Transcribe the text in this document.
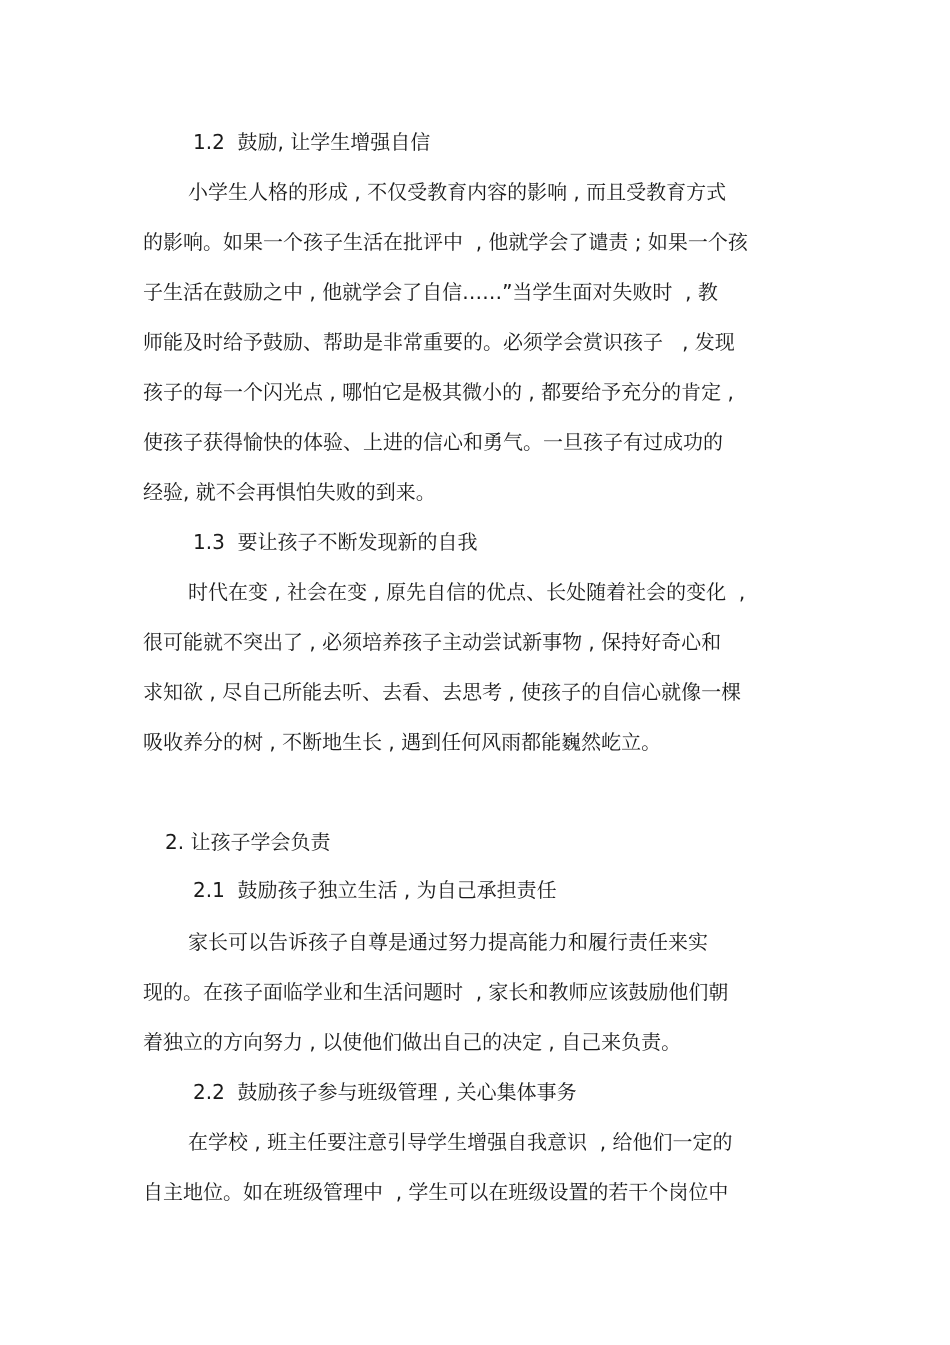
1.2  鼓励, 让学生增强自信

小学生人格的形成 , 不仅受教育内容的影响 , 而且受教育方式

的影响。如果一个孩子生活在批评中  , 他就学会了谴责 ; 如果一个孩

子生活在鼓励之中 , 他就学会了自信……”当学生面对失败时  , 教

师能及时给予鼓励、帮助是非常重要的。必须学会赏识孩子   , 发现

孩子的每一个闪光点 , 哪怕它是极其微小的 , 都要给予充分的肯定 ,

使孩子获得愉快的体验、上进的信心和勇气。一旦孩子有过成功的

经验, 就不会再惧怕失败的到来。

1.3  要让孩子不断发现新的自我

时代在变 , 社会在变 , 原先自信的优点、长处随着社会的变化  ,

很可能就不突出了 , 必须培养孩子主动尝试新事物 , 保持好奇心和

求知欲 , 尽自己所能去听、去看、去思考 , 使孩子的自信心就像一棵

吸收养分的树 , 不断地生长 , 遇到任何风雨都能巍然屹立。

2. 让孩子学会负责

2.1  鼓励孩子独立生活 , 为自己承担责任

家长可以告诉孩子自尊是通过努力提高能力和履行责任来实

现的。在孩子面临学业和生活问题时  , 家长和教师应该鼓励他们朝

着独立的方向努力 , 以使他们做出自己的决定 , 自己来负责。

2.2  鼓励孩子参与班级管理 , 关心集体事务

在学校 , 班主任要注意引导学生增强自我意识  , 给他们一定的

自主地位。如在班级管理中  , 学生可以在班级设置的若干个岗位中
